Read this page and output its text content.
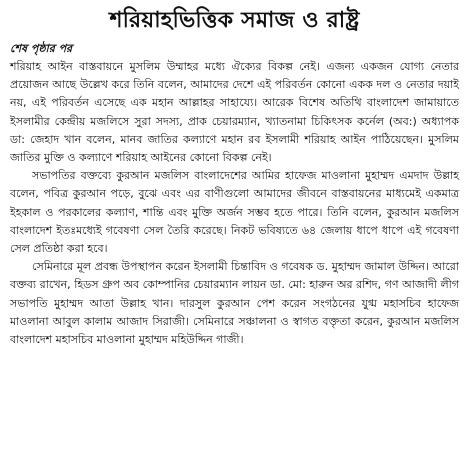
শরিয়াহভিত্তিক সমাজ ও রাষ্ট্র
শেষ পৃষ্ঠার পর

শরিয়াহ আইন বাস্তবায়নে মুসলিম উম্মাহর মধ্যে ঐক্যের বিকল্প নেই। এজন্য একজন যোগ্য নেতার প্রয়োজন আছে উল্লেখ করে তিনি বলেন, আমাদের দেশে এই পরিবর্তন কোনো একক দল ও নেতার দয়াই নয়, এই পরিবর্তন এসেছে এক মহান আল্লাহর সাহায্যে। আরেক বিশেষ অতিথি বাংলাদেশ জামায়াতে ইসলামীর কেন্দ্রীয় মজলিসে সুরা সদস্য, প্রাক চেয়ারম্যান, খ্যাতনামা চিকিৎসক কর্নেল (অব:) অধ্যাপক ডা: জেহাদ খান বলেন, মানব জাতির কল্যাণে মহান রব ইসলামী শরিয়াহ আইন পাঠিয়েছেন। মুসলিম জাতির মুক্তি ও কল্যাণে শরিয়াহ আইনের কোনো বিকল্প নেই।

সভাপতির বক্তব্যে কুরআন মজলিস বাংলাদেশের আমির হাফেজ মাওলানা মুহাম্মদ এমদাদ উল্লাহ বলেন, পবিত্র কুরআন পড়ে, বুঝে এবং এর বাণীগুলো আমাদের জীবনে বাস্তবায়নের মাধ্যমেই একমাত্র ইহকাল ও পরকালের কল্যাণ, শান্তি এবং মুক্তি অর্জন সম্ভব হতে পারে। তিনি বলেন, কুরআন মজলিস বাংলাদেশ ইতঃমধ্যেই গবেষণা সেল তৈরি করেছে। নিকট ভবিষ্যতে ৬৪ জেলায় ধাপে ধাপে এই গবেষণা সেল প্রতিষ্ঠা করা হবে।

সেমিনারে মূল প্রবন্ধ উপস্থাপন করেন ইসলামী চিন্তাবিদ ও গবেষক ড. মুহাম্মদ জামাল উদ্দিন। আরো বক্তব্য রাখেন, হিডস গ্রুপ অব কোম্পানির চেয়ারম্যান লায়ন ডা. মো: হারুন অর রশিদ, গণ আজাদী লীগ সভাপতি মুহাম্মদ আতা উল্লাহ খান। দারসুল কুরআন পেশ করেন সংগঠনের যুগ্ম মহাসচিব হাফেজ মাওলানা আবুল কালাম আজাদ সিরাজী। সেমিনারে সঞ্চালনা ও স্বাগত বক্তৃতা করেন, কুরআন মজলিস বাংলাদেশ মহাসচিব মাওলানা মুহাম্মদ মহিউদ্দিন গাজী।
